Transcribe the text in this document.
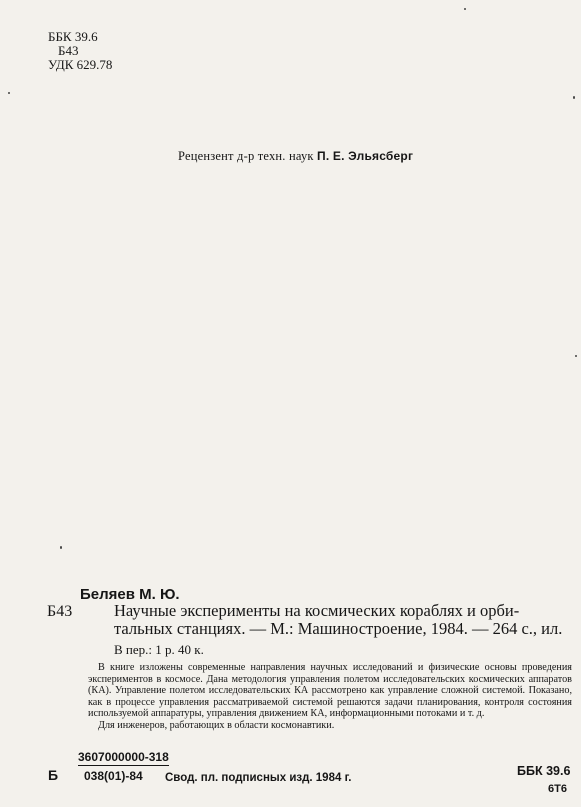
ББК 39.6
Б43
УДК 629.78
Рецензент д-р техн. наук П. Е. Эльясберг
Беляев М. Ю.
Б43	Научные эксперименты на космических кораблях и орби-
тальных станциях. — М.: Машиностроение, 1984. — 264 с., ил.
В пер.: 1 р. 40 к.

В книге изложены современные направления научных исследований и физические основы проведения экспериментов в космосе. Дана методология управления полетом исследовательских космических аппаратов (КА). Управление полетом исследовательских КА рассмотрено как управление сложной системой. Показано, как в процессе управления рассматриваемой системой решаются задачи планирования, контроля состояния используемой аппаратуры, управления движением КА, информационными потоками и т. д.

Для инженеров, работающих в области космонавтики.

Б $\frac{3607000000-318}{038(01)-84}$
Свод. пл. подписных изд. 1984 г.	ББК 39.6
6Т6
